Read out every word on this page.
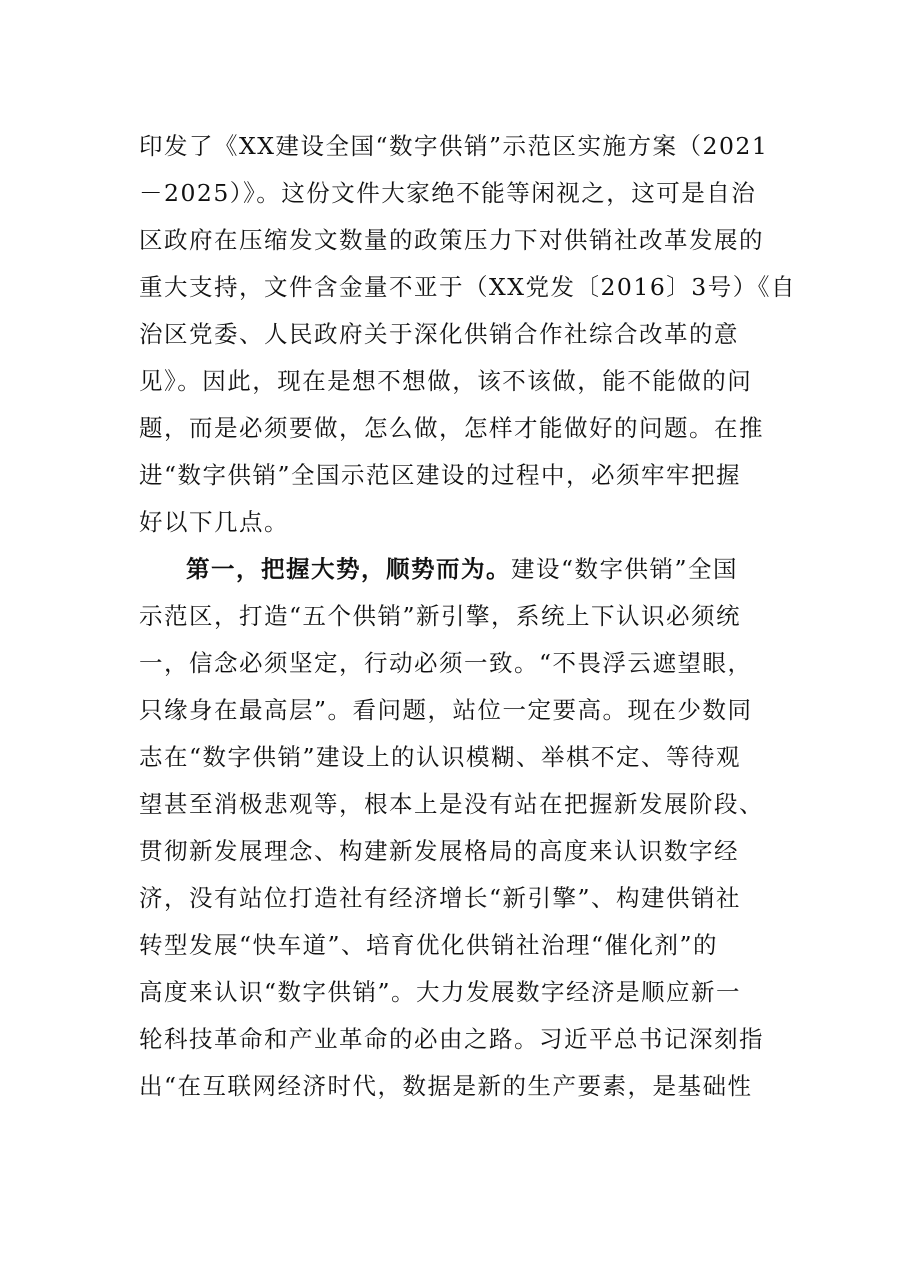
印发了《XX建设全国“数字供销”示范区实施方案（2021
－2025）》。这份文件大家绝不能等闲视之，这可是自治
区政府在压缩发文数量的政策压力下对供销社改革发展的
重大支持，文件含金量不亚于（XX党发〔2016〕3号）《自
治区党委、人民政府关于深化供销合作社综合改革的意
见》。因此，现在是想不想做，该不该做，能不能做的问
题，而是必须要做，怎么做，怎样才能做好的问题。在推
进“数字供销”全国示范区建设的过程中，必须牢牢把握
好以下几点。
第一，把握大势，顺势而为。建设“数字供销”全国
示范区，打造“五个供销”新引擎，系统上下认识必须统
一，信念必须坚定，行动必须一致。“不畏浮云遮望眼，
只缘身在最高层”。看问题，站位一定要高。现在少数同
志在“数字供销”建设上的认识模糊、举棋不定、等待观
望甚至消极悲观等，根本上是没有站在把握新发展阶段、
贯彻新发展理念、构建新发展格局的高度来认识数字经
济，没有站位打造社有经济增长“新引擎”、构建供销社
转型发展“快车道”、培育优化供销社治理“催化剂”的
高度来认识“数字供销”。大力发展数字经济是顺应新一
轮科技革命和产业革命的必由之路。习近平总书记深刻指
出“在互联网经济时代，数据是新的生产要素，是基础性
